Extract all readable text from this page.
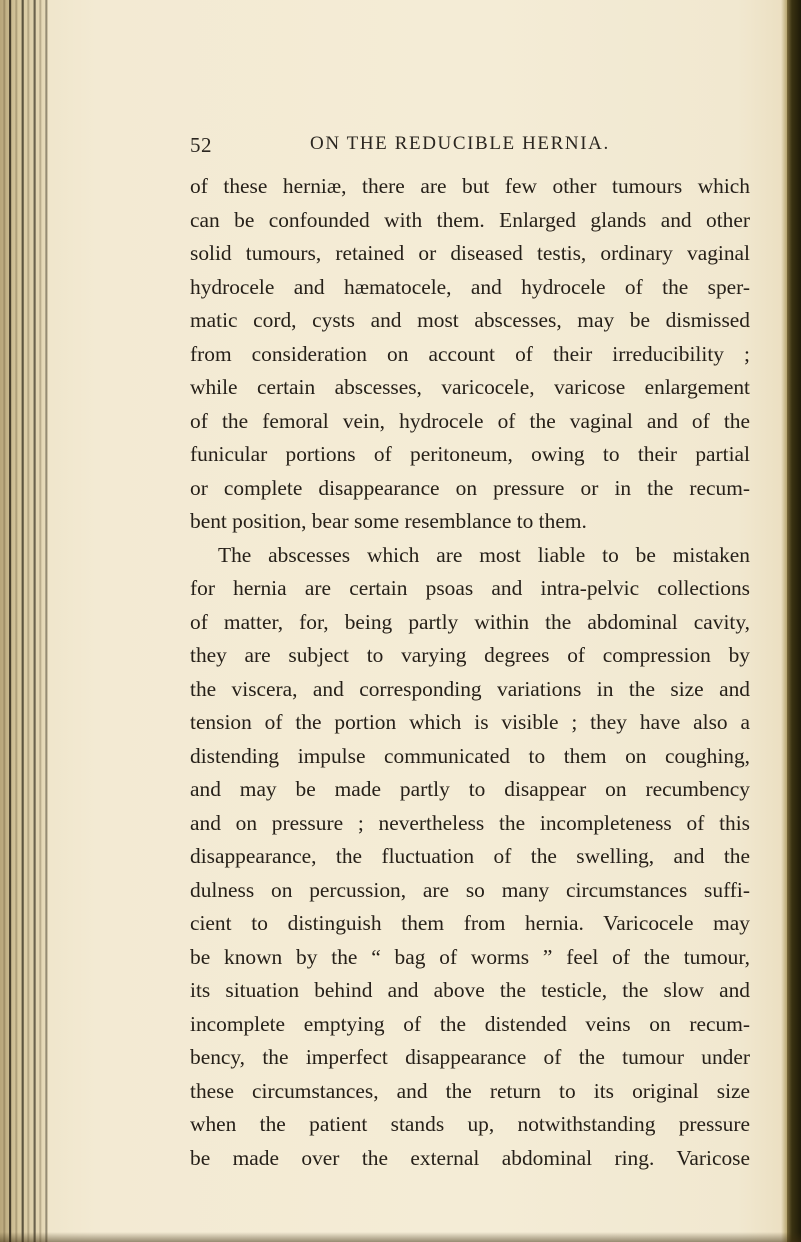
52	ON THE REDUCIBLE HERNIA.
of these herniæ, there are but few other tumours which
can be confounded with them. Enlarged glands and other
solid tumours, retained or diseased testis, ordinary vaginal
hydrocele and hæmatocele, and hydrocele of the sper-
matic cord, cysts and most abscesses, may be dismissed
from consideration on account of their irreducibility ;
while certain abscesses, varicocele, varicose enlargement
of the femoral vein, hydrocele of the vaginal and of the
funicular portions of peritoneum, owing to their partial
or complete disappearance on pressure or in the recum-
bent position, bear some resemblance to them.
The abscesses which are most liable to be mistaken
for hernia are certain psoas and intra-pelvic collections
of matter, for, being partly within the abdominal cavity,
they are subject to varying degrees of compression by
the viscera, and corresponding variations in the size and
tension of the portion which is visible ; they have also a
distending impulse communicated to them on coughing,
and may be made partly to disappear on recumbency
and on pressure ; nevertheless the incompleteness of this
disappearance, the fluctuation of the swelling, and the
dulness on percussion, are so many circumstances suffi-
cient to distinguish them from hernia. Varicocele may
be known by the “ bag of worms ” feel of the tumour,
its situation behind and above the testicle, the slow and
incomplete emptying of the distended veins on recum-
bency, the imperfect disappearance of the tumour under
these circumstances, and the return to its original size
when the patient stands up, notwithstanding pressure
be made over the external abdominal ring. Varicose
